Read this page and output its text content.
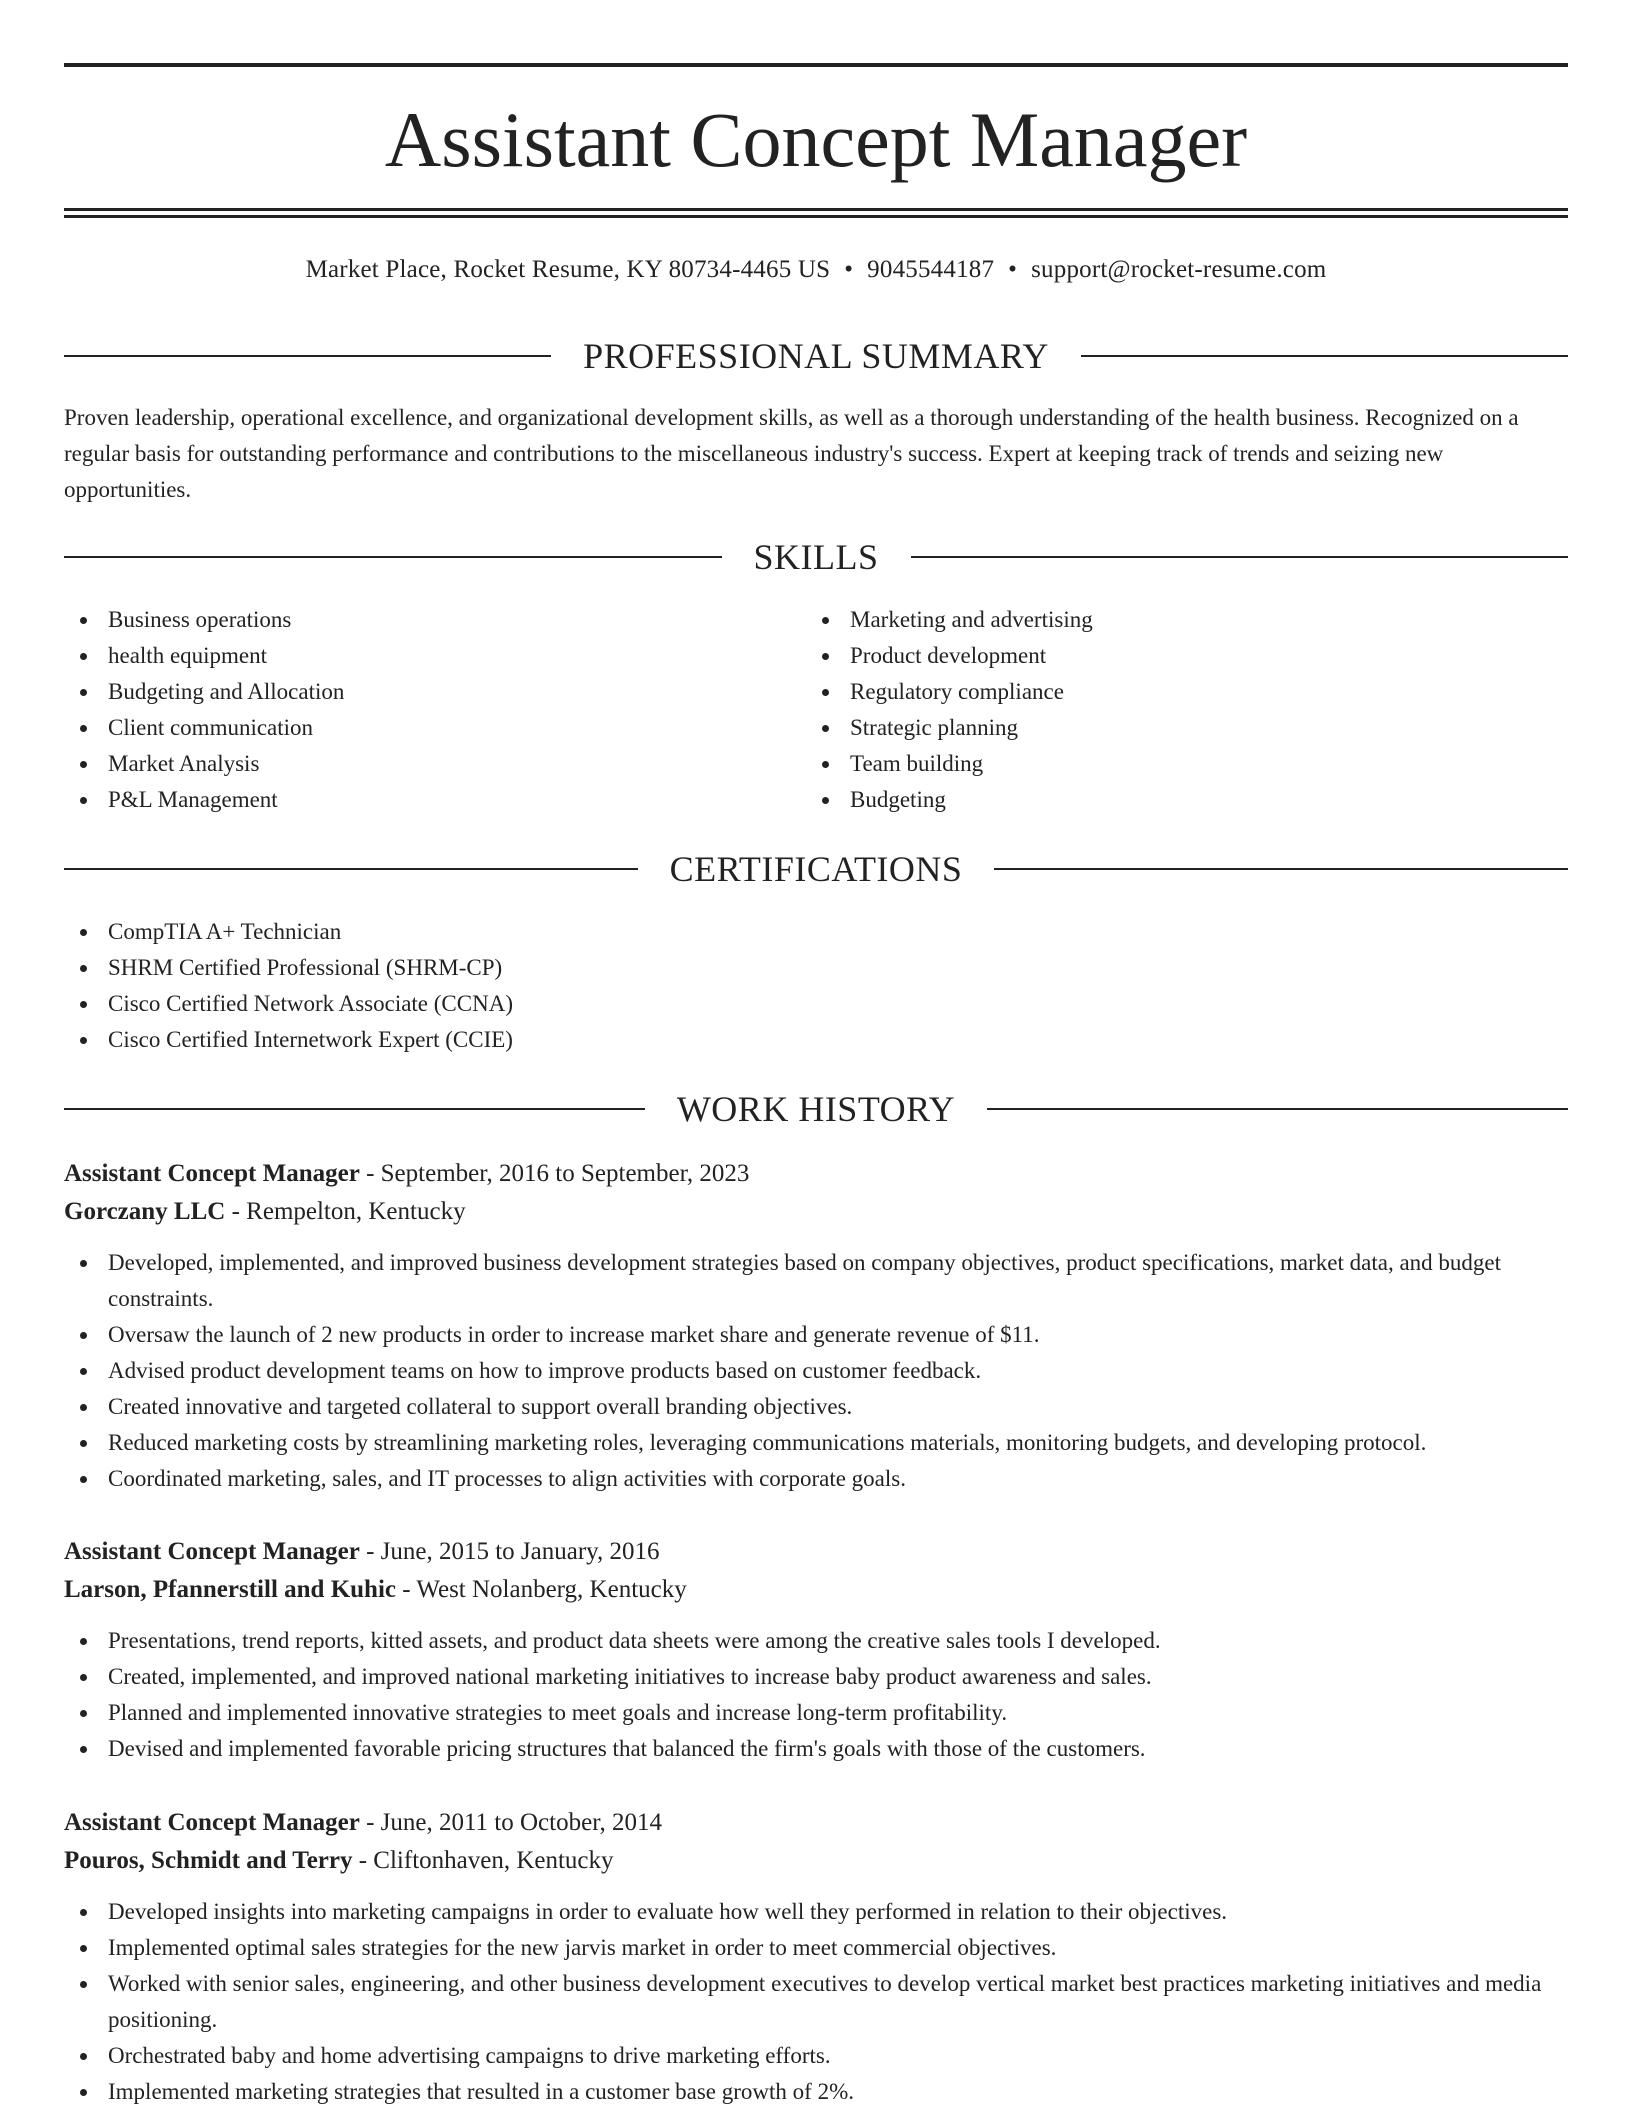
Assistant Concept Manager
Market Place, Rocket Resume, KY 80734-4465 US • 9045544187 • support@rocket-resume.com
PROFESSIONAL SUMMARY

Proven leadership, operational excellence, and organizational development skills, as well as a thorough understanding of the health business. Recognized on a regular basis for outstanding performance and contributions to the miscellaneous industry's success. Expert at keeping track of trends and seizing new opportunities.

SKILLS
Business operations
health equipment
Budgeting and Allocation
Client communication
Market Analysis
P&L Management
Marketing and advertising
Product development
Regulatory compliance
Strategic planning
Team building
Budgeting
CERTIFICATIONS
CompTIA A+ Technician
SHRM Certified Professional (SHRM-CP)
Cisco Certified Network Associate (CCNA)
Cisco Certified Internetwork Expert (CCIE)
WORK HISTORY
Assistant Concept Manager - September, 2016 to September, 2023
Gorczany LLC - Rempelton, Kentucky
Developed, implemented, and improved business development strategies based on company objectives, product specifications, market data, and budget constraints.
Oversaw the launch of 2 new products in order to increase market share and generate revenue of $11.
Advised product development teams on how to improve products based on customer feedback.
Created innovative and targeted collateral to support overall branding objectives.
Reduced marketing costs by streamlining marketing roles, leveraging communications materials, monitoring budgets, and developing protocol.
Coordinated marketing, sales, and IT processes to align activities with corporate goals.
Assistant Concept Manager - June, 2015 to January, 2016
Larson, Pfannerstill and Kuhic - West Nolanberg, Kentucky
Presentations, trend reports, kitted assets, and product data sheets were among the creative sales tools I developed.
Created, implemented, and improved national marketing initiatives to increase baby product awareness and sales.
Planned and implemented innovative strategies to meet goals and increase long-term profitability.
Devised and implemented favorable pricing structures that balanced the firm's goals with those of the customers.
Assistant Concept Manager - June, 2011 to October, 2014
Pouros, Schmidt and Terry - Cliftonhaven, Kentucky
Developed insights into marketing campaigns in order to evaluate how well they performed in relation to their objectives.
Implemented optimal sales strategies for the new jarvis market in order to meet commercial objectives.
Worked with senior sales, engineering, and other business development executives to develop vertical market best practices marketing initiatives and media positioning.
Orchestrated baby and home advertising campaigns to drive marketing efforts.
Implemented marketing strategies that resulted in a customer base growth of 2%.
